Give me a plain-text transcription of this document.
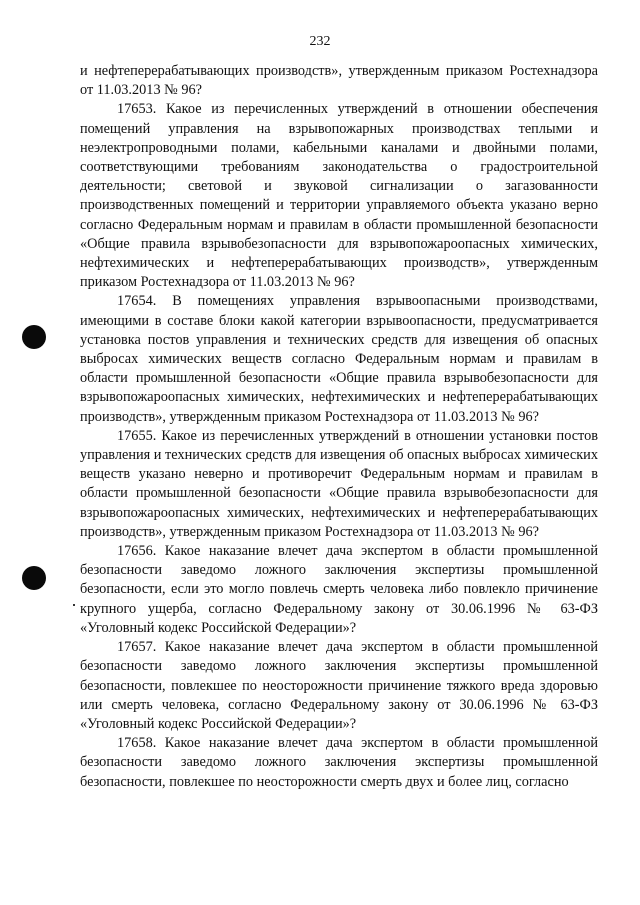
232

и нефтеперерабатывающих производств», утвержденным приказом Ростехнадзора от 11.03.2013 № 96?

17653. Какое из перечисленных утверждений в отношении обеспечения помещений управления на взрывопожарных производствах теплыми и неэлектропроводными полами, кабельными каналами и двойными полами, соответствующими требованиям законодательства о градостроительной деятельности; световой и звуковой сигнализации о загазованности производственных помещений и территории управляемого объекта указано верно согласно Федеральным нормам и правилам в области промышленной безопасности «Общие правила взрывобезопасности для взрывопожароопасных химических, нефтехимических и нефтеперерабатывающих производств», утвержденным приказом Ростехнадзора от 11.03.2013 № 96?

17654. В помещениях управления взрывоопасными производствами, имеющими в составе блоки какой категории взрывоопасности, предусматривается установка постов управления и технических средств для извещения об опасных выбросах химических веществ согласно Федеральным нормам и правилам в области промышленной безопасности «Общие правила взрывобезопасности для взрывопожароопасных химических, нефтехимических и нефтеперерабатывающих производств», утвержденным приказом Ростехнадзора от 11.03.2013 № 96?

17655. Какое из перечисленных утверждений в отношении установки постов управления и технических средств для извещения об опасных выбросах химических веществ указано неверно и противоречит Федеральным нормам и правилам в области промышленной безопасности «Общие правила взрывобезопасности для взрывопожароопасных химических, нефтехимических и нефтеперерабатывающих производств», утвержденным приказом Ростехнадзора от 11.03.2013 № 96?

17656. Какое наказание влечет дача экспертом в области промышленной безопасности заведомо ложного заключения экспертизы промышленной безопасности, если это могло повлечь смерть человека либо повлекло причинение крупного ущерба, согласно Федеральному закону от 30.06.1996 № 63-ФЗ «Уголовный кодекс Российской Федерации»?

17657. Какое наказание влечет дача экспертом в области промышленной безопасности заведомо ложного заключения экспертизы промышленной безопасности, повлекшее по неосторожности причинение тяжкого вреда здоровью или смерть человека, согласно Федеральному закону от 30.06.1996 № 63-ФЗ «Уголовный кодекс Российской Федерации»?

17658. Какое наказание влечет дача экспертом в области промышленной безопасности заведомо ложного заключения экспертизы промышленной безопасности, повлекшее по неосторожности смерть двух и более лиц, согласно
